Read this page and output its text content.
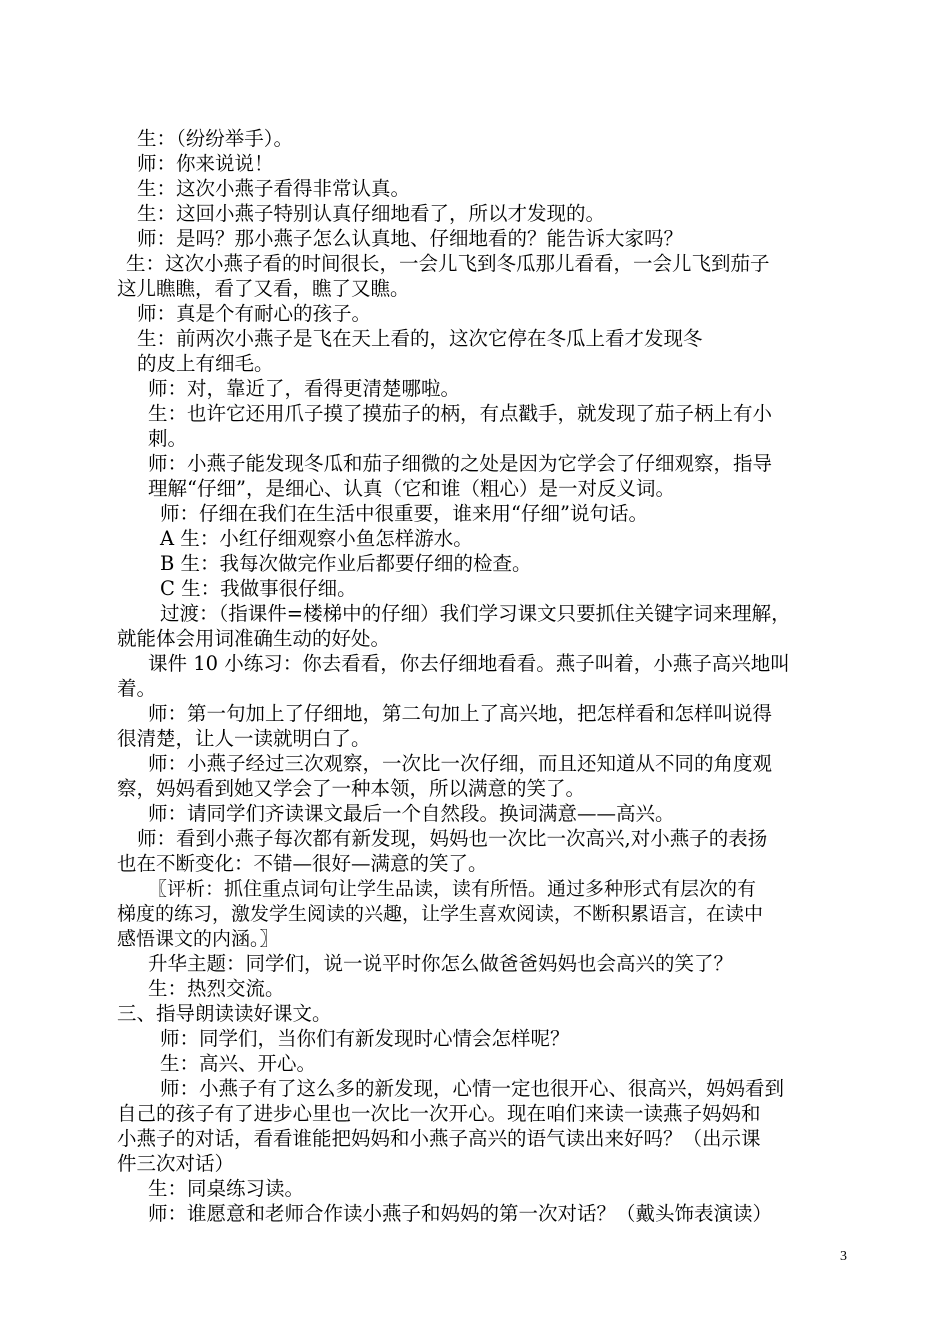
生：（纷纷举手）。
师：你来说说！
生：这次小燕子看得非常认真。
生：这回小燕子特别认真仔细地看了，所以才发现的。
师：是吗？那小燕子怎么认真地、仔细地看的？能告诉大家吗？
生：这次小燕子看的时间很长，一会儿飞到冬瓜那儿看看，一会儿飞到茄子
这儿瞧瞧，看了又看，瞧了又瞧。
师：真是个有耐心的孩子。
生：前两次小燕子是飞在天上看的，这次它停在冬瓜上看才发现冬
的皮上有细毛。
师：对，靠近了，看得更清楚哪啦。
生：也许它还用爪子摸了摸茄子的柄，有点戳手，就发现了茄子柄上有小
刺。
师：小燕子能发现冬瓜和茄子细微的之处是因为它学会了仔细观察，指导
理解“仔细”，是细心、认真（它和谁（粗心）是一对反义词。
师：仔细在我们在生活中很重要，谁来用“仔细”说句话。
A 生：小红仔细观察小鱼怎样游水。
B 生：我每次做完作业后都要仔细的检查。
C 生：我做事很仔细。
过渡：（指课件=楼梯中的仔细）我们学习课文只要抓住关键字词来理解，
就能体会用词准确生动的好处。
课件 10 小练习：你去看看，你去仔细地看看。燕子叫着，小燕子高兴地叫
着。
师：第一句加上了仔细地，第二句加上了高兴地，把怎样看和怎样叫说得
很清楚，让人一读就明白了。
师：小燕子经过三次观察，一次比一次仔细，而且还知道从不同的角度观
察，妈妈看到她又学会了一种本领，所以满意的笑了。
师：请同学们齐读课文最后一个自然段。换词满意——高兴。
师：看到小燕子每次都有新发现，妈妈也一次比一次高兴,对小燕子的表扬
也在不断变化：不错—很好—满意的笑了。
〖评析：抓住重点词句让学生品读，读有所悟。通过多种形式有层次的有
梯度的练习，激发学生阅读的兴趣，让学生喜欢阅读，不断积累语言，在读中
感悟课文的内涵。〗
升华主题：同学们，说一说平时你怎么做爸爸妈妈也会高兴的笑了？
生：热烈交流。
三、指导朗读读好课文。
师：同学们，当你们有新发现时心情会怎样呢？
生：高兴、开心。
师：小燕子有了这么多的新发现，心情一定也很开心、很高兴，妈妈看到
自己的孩子有了进步心里也一次比一次开心。现在咱们来读一读燕子妈妈和
小燕子的对话，看看谁能把妈妈和小燕子高兴的语气读出来好吗？（出示课
件三次对话）
生：同桌练习读。
师：谁愿意和老师合作读小燕子和妈妈的第一次对话？（戴头饰表演读）
3
